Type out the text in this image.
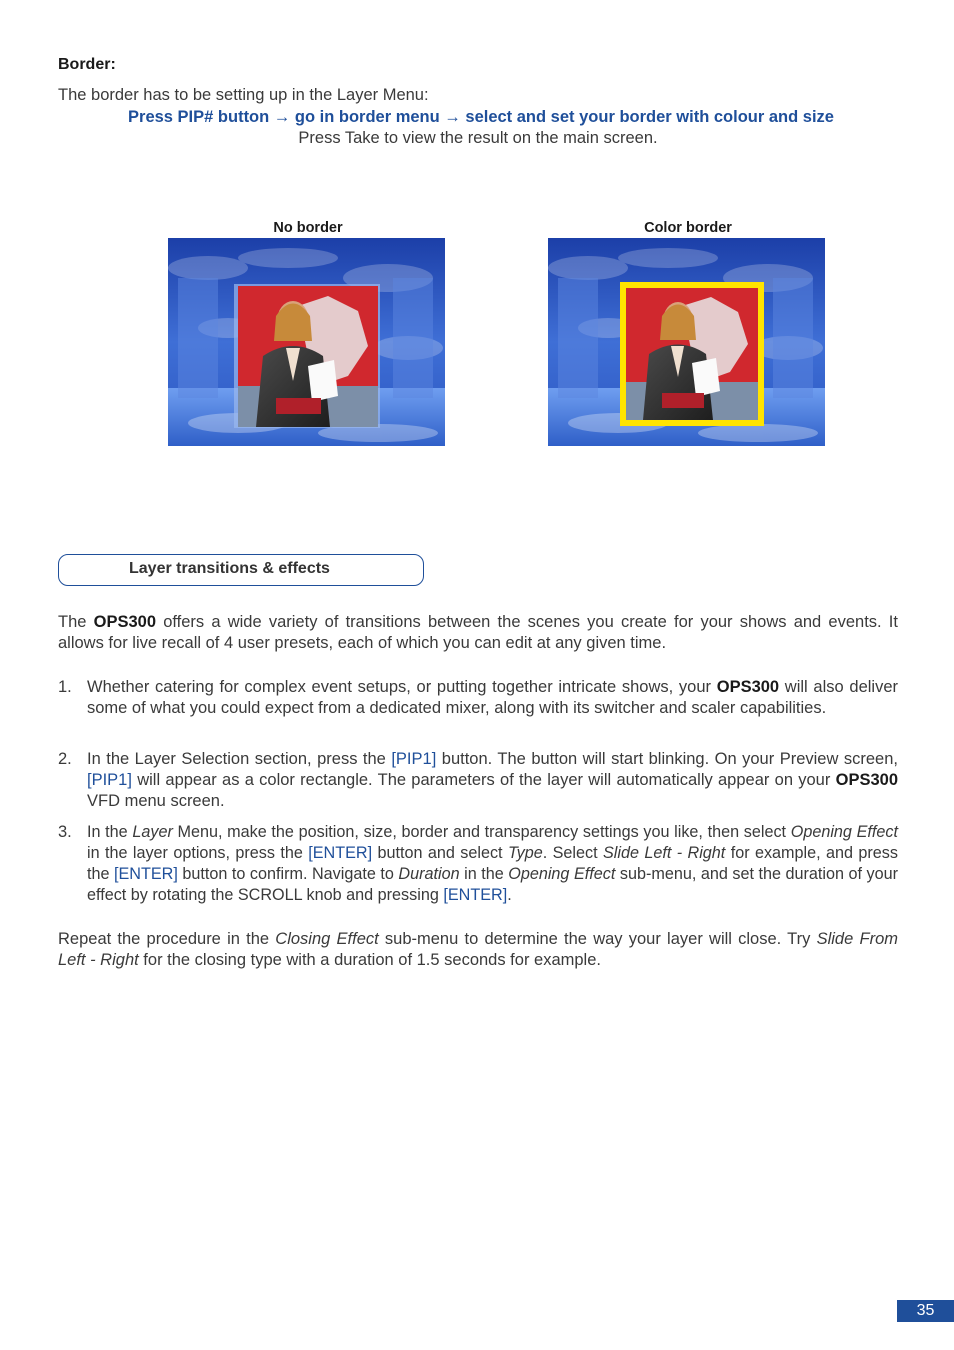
Border:
The border has to be setting up in the Layer Menu:
Press PIP# button → go in border menu → select and set your border with colour and size
Press Take to view the result on the main screen.
No border	Color border
Layer transitions & effects
The OPS300 offers a wide variety of transitions between the scenes you create for your shows and events. It allows for live recall of 4 user presets, each of which you can edit at any given time.
1. Whether catering for complex event setups, or putting together intricate shows, your OPS300 will also deliver some of what you could expect from a dedicated mixer, along with its switcher and scaler capabilities.
2. In the Layer Selection section, press the [PIP1] button. The button will start blinking. On your Preview screen, [PIP1] will appear as a color rectangle. The parameters of the layer will automatically appear on your OPS300 VFD menu screen.
3. In the Layer Menu, make the position, size, border and transparency settings you like, then select Opening Effect in the layer options, press the [ENTER] button and select Type. Select Slide Left - Right for example, and press the [ENTER] button to confirm. Navigate to Duration in the Opening Effect sub-menu, and set the duration of your effect by rotating the SCROLL knob and pressing [ENTER].
Repeat the procedure in the Closing Effect sub-menu to determine the way your layer will close. Try Slide From Left - Right for the closing type with a duration of 1.5 seconds for example.
35
